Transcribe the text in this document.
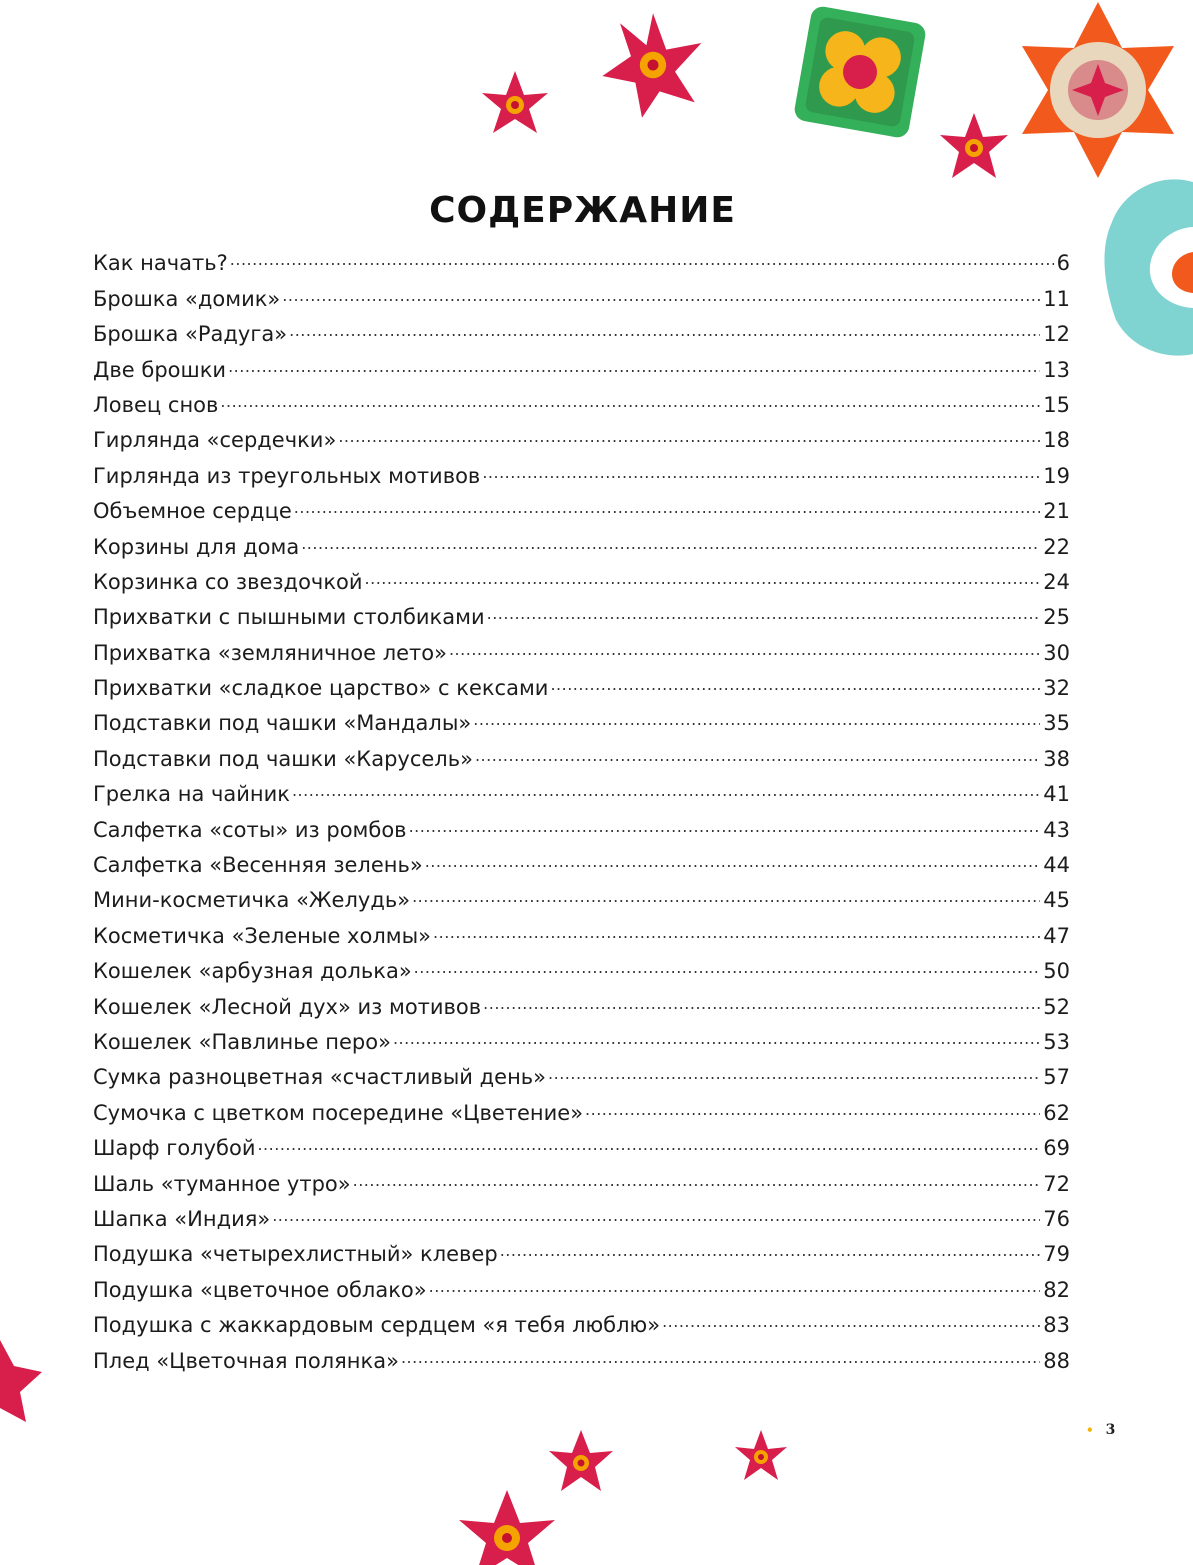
СОДЕРЖАНИЕ
Как начать? .....	6
Брошка «домик» .....	11
Брошка «Радуга» .....	12
Две брошки .....	13
Ловец снов .....	15
Гирлянда «сердечки» .....	18
Гирлянда из треугольных мотивов .....	19
Объемное сердце .....	21
Корзины для дома .....	22
Корзинка со звездочкой .....	24
Прихватки с пышными столбиками .....	25
Прихватка «земляничное лето» .....	30
Прихватки «сладкое царство» с кексами .....	32
Подставки под чашки «Мандалы» .....	35
Подставки под чашки «Карусель» .....	38
Грелка на чайник .....	41
Салфетка «соты» из ромбов .....	43
Салфетка «Весенняя зелень» .....	44
Мини-косметичка «Желудь» .....	45
Косметичка «Зеленые холмы» .....	47
Кошелек «арбузная долька» .....	50
Кошелек «Лесной дух» из мотивов .....	52
Кошелек «Павлинье перо» .....	53
Сумка разноцветная «счастливый день» .....	57
Сумочка с цветком посередине «Цветение» .....	62
Шарф голубой .....	69
Шаль «туманное утро» .....	72
Шапка «Индия» .....	76
Подушка «четырехлистный» клевер .....	79
Подушка «цветочное облако» .....	82
Подушка с жаккардовым сердцем «я тебя люблю» .....	83
Плед «Цветочная полянка» .....	88
• 3
